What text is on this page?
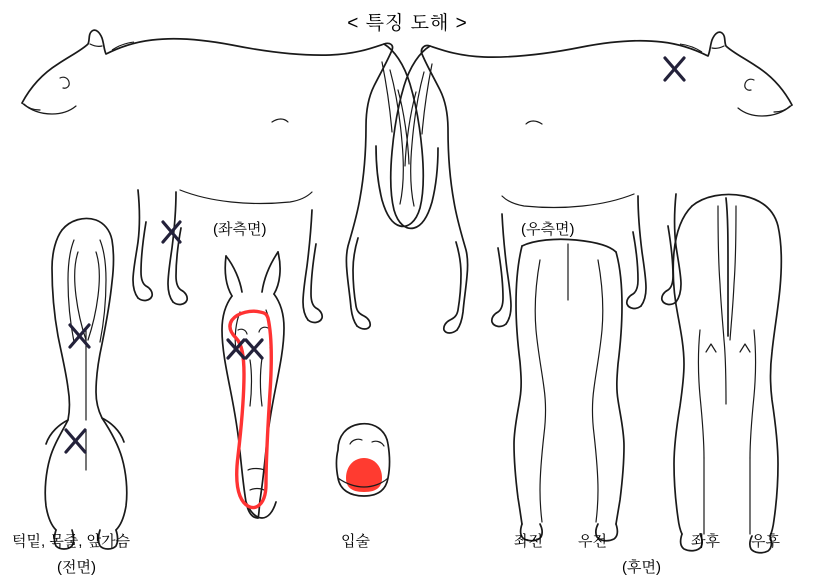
< 특징 도해 >
(좌측면)	(우측면)
턱밑, 목줄, 앞가슴
(전면)
입술	좌전 우전	좌후 우후
(후면)
